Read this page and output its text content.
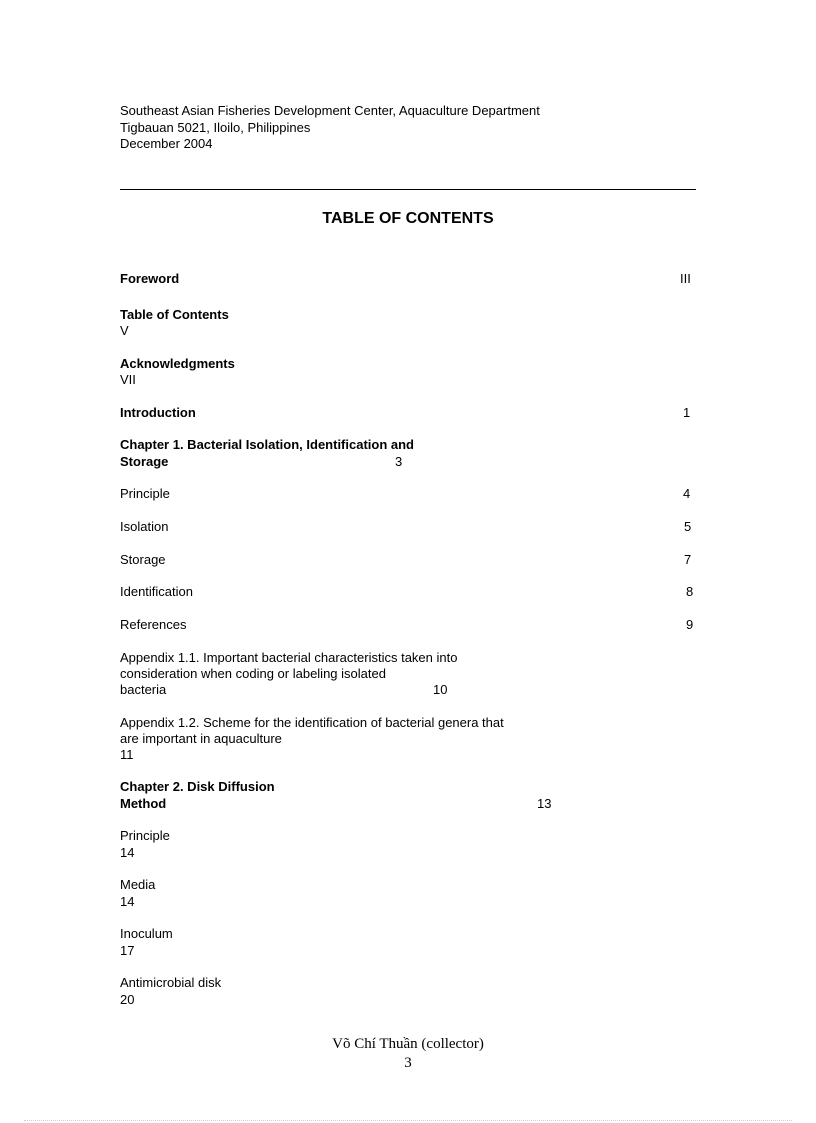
Southeast Asian Fisheries Development Center, Aquaculture Department
Tigbauan 5021, Iloilo, Philippines
December 2004
TABLE OF CONTENTS
Foreword	III
Table of Contents
V
Acknowledgments
VII
Introduction	1
Chapter 1. Bacterial Isolation, Identification and
Storage	3
Principle	4
Isolation	5
Storage	7
Identification	8
References	9
Appendix 1.1. Important bacterial characteristics taken into
consideration when coding or labeling isolated
bacteria	10
Appendix 1.2. Scheme for the identification of bacterial genera that
are important in aquaculture
11
Chapter 2. Disk Diffusion
Method	13
Principle
14
Media
14
Inoculum
17
Antimicrobial disk
20
Võ Chí Thuần (collector)
3
